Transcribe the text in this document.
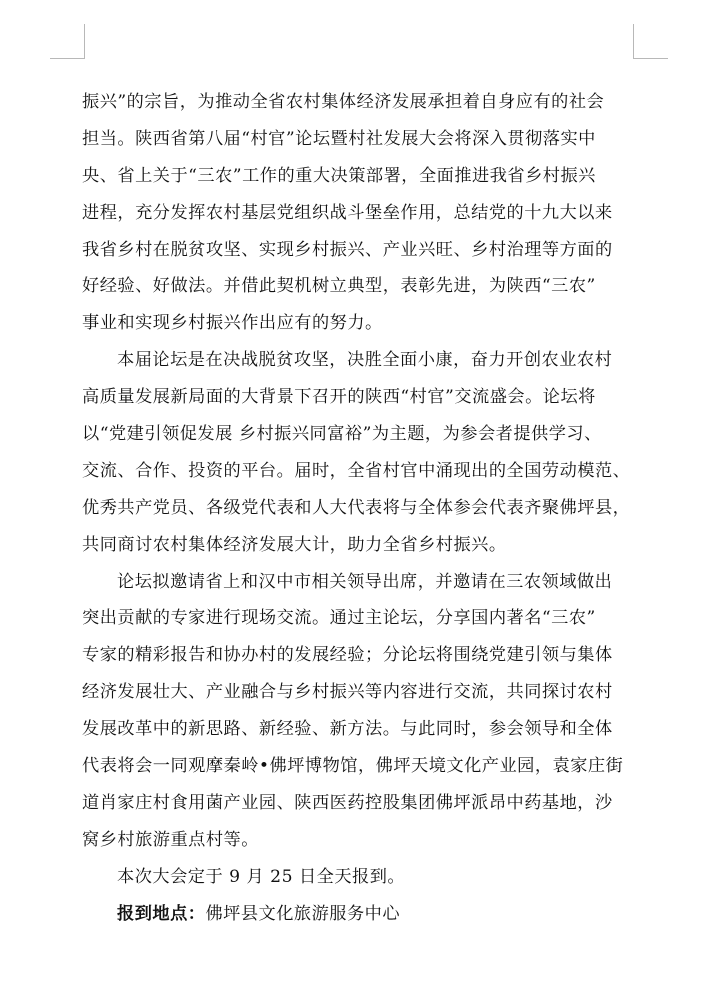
振兴”的宗旨，为推动全省农村集体经济发展承担着自身应有的社会
担当。陕西省第八届“村官”论坛暨村社发展大会将深入贯彻落实中
央、省上关于“三农”工作的重大决策部署，全面推进我省乡村振兴
进程，充分发挥农村基层党组织战斗堡垒作用，总结党的十九大以来
我省乡村在脱贫攻坚、实现乡村振兴、产业兴旺、乡村治理等方面的
好经验、好做法。并借此契机树立典型，表彰先进，为陕西“三农”
事业和实现乡村振兴作出应有的努力。
本届论坛是在决战脱贫攻坚，决胜全面小康，奋力开创农业农村
高质量发展新局面的大背景下召开的陕西“村官”交流盛会。论坛将
以“党建引领促发展 乡村振兴同富裕”为主题，为参会者提供学习、
交流、合作、投资的平台。届时，全省村官中涌现出的全国劳动模范、
优秀共产党员、各级党代表和人大代表将与全体参会代表齐聚佛坪县，
共同商讨农村集体经济发展大计，助力全省乡村振兴。
论坛拟邀请省上和汉中市相关领导出席，并邀请在三农领域做出
突出贡献的专家进行现场交流。通过主论坛，分享国内著名“三农”
专家的精彩报告和协办村的发展经验；分论坛将围绕党建引领与集体
经济发展壮大、产业融合与乡村振兴等内容进行交流，共同探讨农村
发展改革中的新思路、新经验、新方法。与此同时，参会领导和全体
代表将会一同观摩秦岭•佛坪博物馆，佛坪天境文化产业园，袁家庄街
道肖家庄村食用菌产业园、陕西医药控股集团佛坪派昂中药基地，沙
窝乡村旅游重点村等。
本次大会定于 9 月 25 日全天报到。
报到地点：佛坪县文化旅游服务中心
